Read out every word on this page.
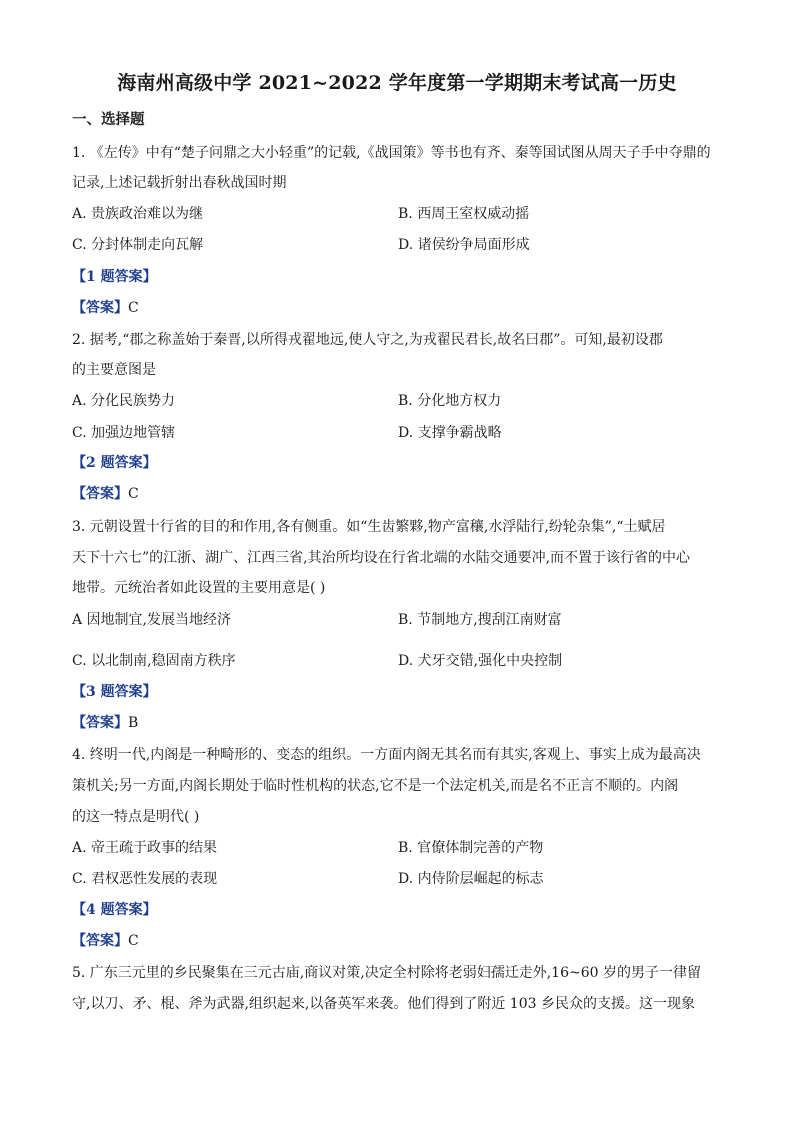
海南州高级中学 2021~2022 学年度第一学期期末考试高一历史
一、选择题
1. 《左传》中有“楚子问鼎之大小轻重”的记载,《战国策》等书也有齐、秦等国试图从周天子手中夺鼎的
记录,上述记载折射出春秋战国时期
A. 贵族政治难以为继	B. 西周王室权威动摇
C. 分封体制走向瓦解	D. 诸侯纷争局面形成
【1 题答案】
【答案】C
2. 据考,“郡之称盖始于秦晋,以所得戎翟地远,使人守之,为戎翟民君长,故名曰郡”。可知,最初设郡
的主要意图是
A. 分化民族势力	B. 分化地方权力
C. 加强边地管辖	D. 支撑争霸战略
【2 题答案】
【答案】C
3. 元朝设置十行省的目的和作用,各有侧重。如“生齿繁夥,物产富穰,水浮陆行,纷轮杂集”,“土赋居
天下十六七”的江浙、湖广、江西三省,其治所均设在行省北端的水陆交通要冲,而不置于该行省的中心
地带。元统治者如此设置的主要用意是( )
A 因地制宜,发展当地经济	B. 节制地方,搜刮江南财富
C. 以北制南,稳固南方秩序	D. 犬牙交错,强化中央控制
【3 题答案】
【答案】B
4. 终明一代,内阁是一种畸形的、变态的组织。一方面内阁无其名而有其实,客观上、事实上成为最高决
策机关;另一方面,内阁长期处于临时性机构的状态,它不是一个法定机关,而是名不正言不顺的。内阁
的这一特点是明代( )
A. 帝王疏于政事的结果	B. 官僚体制完善的产物
C. 君权恶性发展的表现	D. 内侍阶层崛起的标志
【4 题答案】
【答案】C
5. 广东三元里的乡民聚集在三元古庙,商议对策,决定全村除将老弱妇孺迁走外,16~60 岁的男子一律留
守,以刀、矛、棍、斧为武器,组织起来,以备英军来袭。他们得到了附近 103 乡民众的支援。这一现象
